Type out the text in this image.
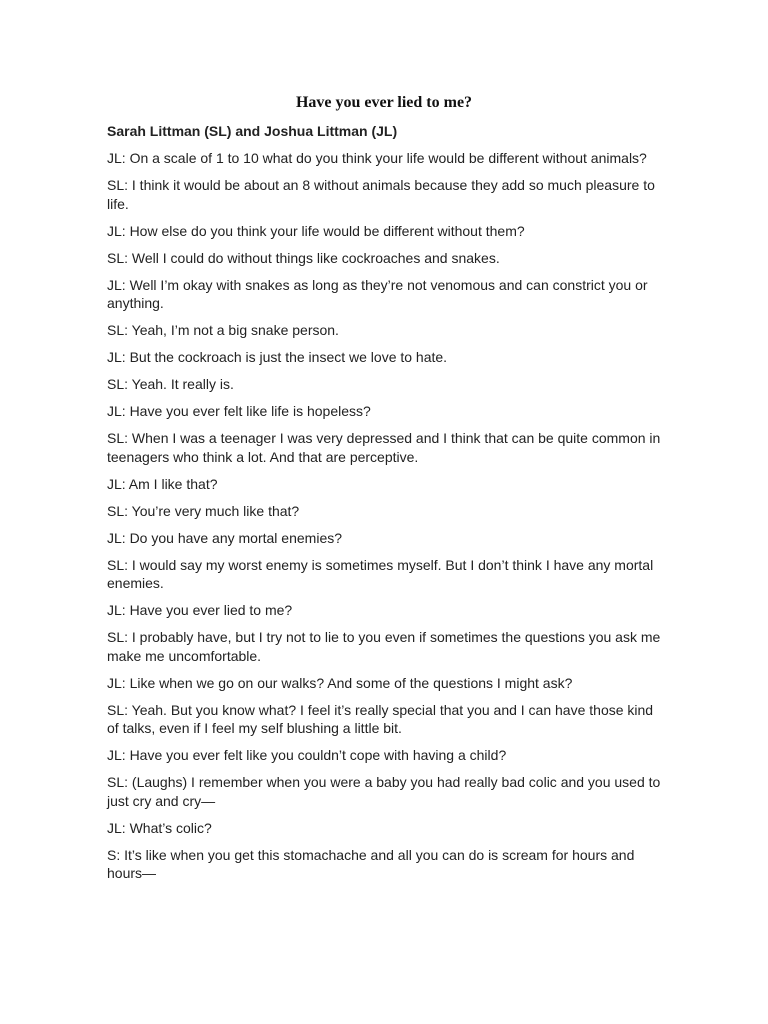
Have you ever lied to me?
Sarah Littman (SL) and Joshua Littman (JL)

JL: On a scale of 1 to 10 what do you think your life would be different without animals?

SL: I think it would be about an 8 without animals because they add so much pleasure to life.

JL: How else do you think your life would be different without them?

SL: Well I could do without things like cockroaches and snakes.

JL: Well I’m okay with snakes as long as they’re not venomous and can constrict you or anything.

SL: Yeah, I’m not a big snake person.

JL: But the cockroach is just the insect we love to hate.

SL: Yeah. It really is.

JL: Have you ever felt like life is hopeless?

SL: When I was a teenager I was very depressed and I think that can be quite common in teenagers who think a lot. And that are perceptive.

JL: Am I like that?

SL: You’re very much like that?

JL: Do you have any mortal enemies?

SL: I would say my worst enemy is sometimes myself. But I don’t think I have any mortal enemies.

JL: Have you ever lied to me?

SL: I probably have, but I try not to lie to you even if sometimes the questions you ask me make me uncomfortable.

JL: Like when we go on our walks? And some of the questions I might ask?

SL: Yeah. But you know what? I feel it’s really special that you and I can have those kind of talks, even if I feel my self blushing a little bit.

JL: Have you ever felt like you couldn’t cope with having a child?

SL: (Laughs) I remember when you were a baby you had really bad colic and you used to just cry and cry—

JL: What’s colic?

S: It’s like when you get this stomachache and all you can do is scream for hours and hours—
